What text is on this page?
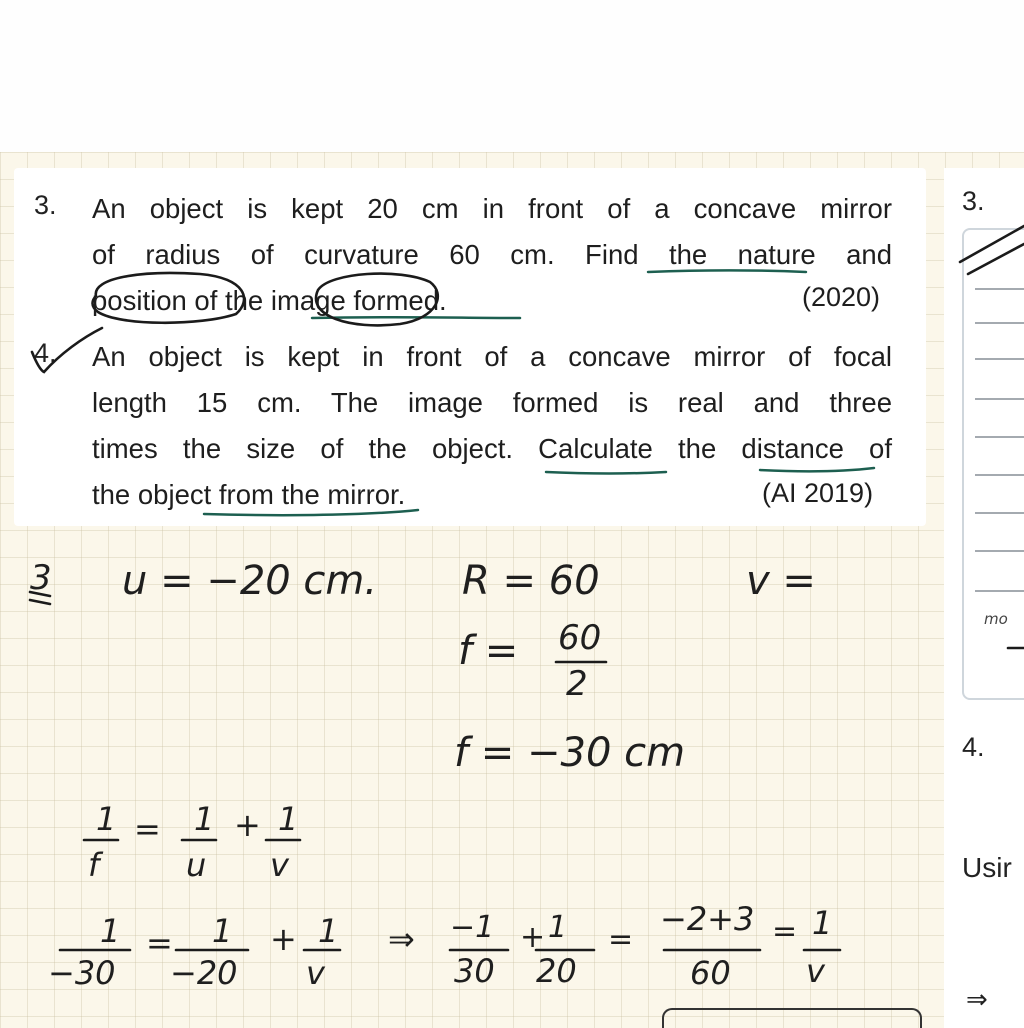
3. An object is kept 20 cm in front of a concave mirror
of radius of curvature 60 cm. Find the nature and
position of the image formed.	(2020)
4. An object is kept in front of a concave mirror of focal
length 15 cm. The image formed is real and three
times the size of the object. Calculate the distance of
the object from the mirror.	(AI 2019)
3.
mo
4.
Usir
⇒
3 u = −20 cm. R = 60	v =
f = 60
2
f = −30 cm
1
f
= 1
u
+ 1
v
1
−30
= 1
−20
+ 1
v
⇒ −1
30
+ 1
20
=
−2+3
60
= 1
v
